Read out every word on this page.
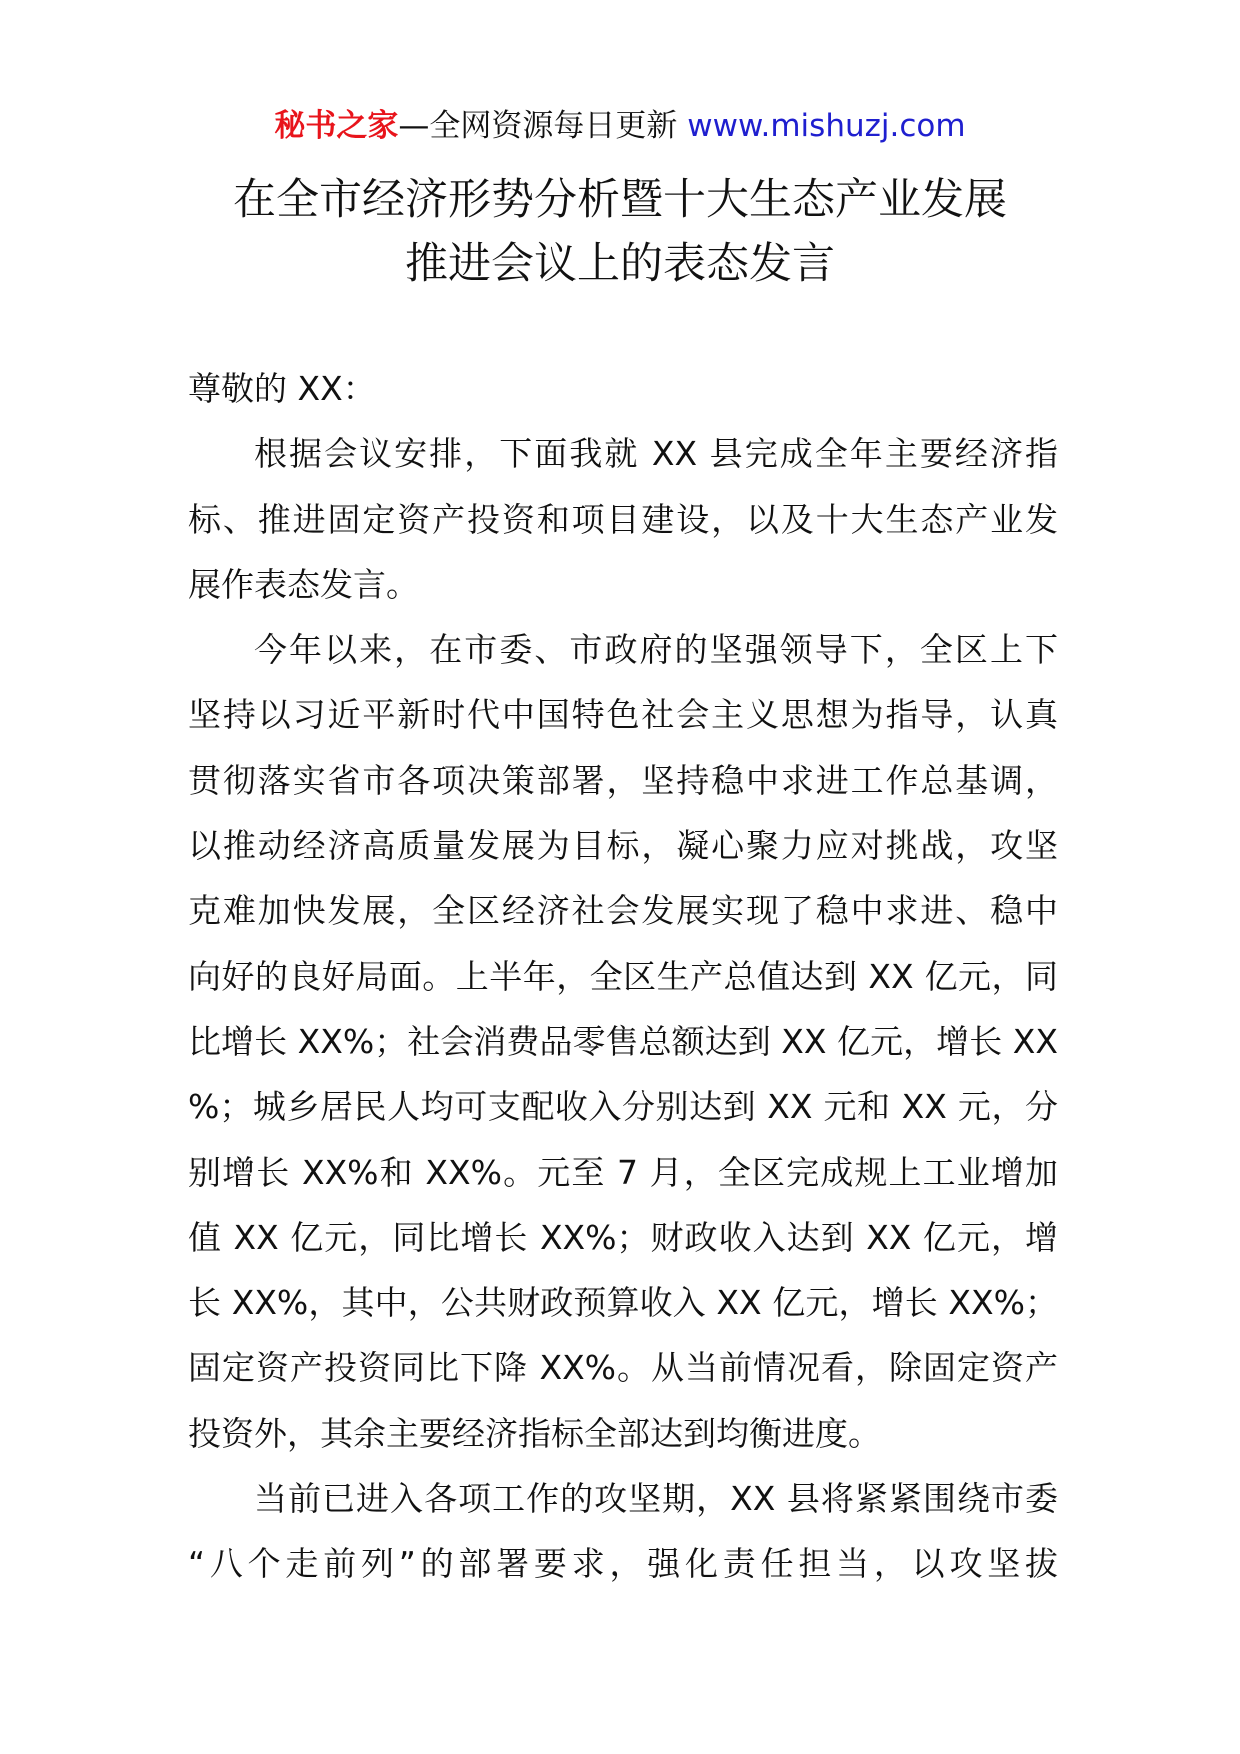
秘书之家—全网资源每日更新 www.mishuzj.com
在全市经济形势分析暨十大生态产业发展
推进会议上的表态发言

尊敬的 XX：

根据会议安排，下面我就 XX 县完成全年主要经济指
标、推进固定资产投资和项目建设，以及十大生态产业发
展作表态发言。

今年以来，在市委、市政府的坚强领导下，全区上下
坚持以习近平新时代中国特色社会主义思想为指导，认真
贯彻落实省市各项决策部署，坚持稳中求进工作总基调，
以推动经济高质量发展为目标，凝心聚力应对挑战，攻坚
克难加快发展，全区经济社会发展实现了稳中求进、稳中
向好的良好局面。上半年，全区生产总值达到 XX 亿元，同
比增长 XX%；社会消费品零售总额达到 XX 亿元，增长 XX
%；城乡居民人均可支配收入分别达到 XX 元和 XX 元，分
别增长 XX%和 XX%。元至 7 月，全区完成规上工业增加
值 XX 亿元，同比增长 XX%；财政收入达到 XX 亿元，增
长 XX%，其中，公共财政预算收入 XX 亿元，增长 XX%；
固定资产投资同比下降 XX%。从当前情况看，除固定资产
投资外，其余主要经济指标全部达到均衡进度。

当前已进入各项工作的攻坚期，XX 县将紧紧围绕市委
“八个走前列”的部署要求，强化责任担当，以攻坚拔
